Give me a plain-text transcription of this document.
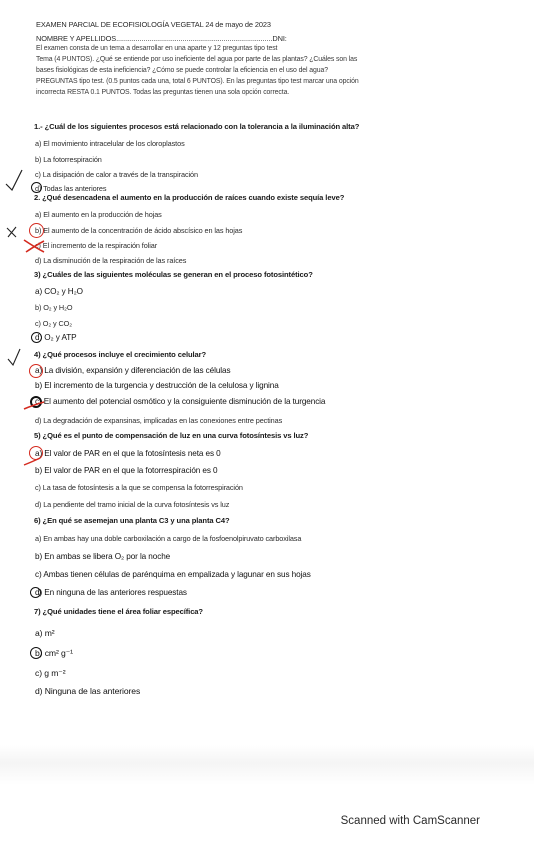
EXAMEN PARCIAL DE ECOFISIOLOGÍA VEGETAL 24 de mayo de 2023
NOMBRE Y APELLIDOS................................................................................DNI:
El examen consta de un tema a desarrollar en una aparte y 12 preguntas tipo test
Tema (4 PUNTOS). ¿Qué se entiende por uso ineficiente del agua por parte de las plantas? ¿Cuáles son las
bases fisiológicas de esta ineficiencia? ¿Cómo se puede controlar la eficiencia en el uso del agua?
PREGUNTAS tipo test. (0.5 puntos cada una, total 6 PUNTOS). En las preguntas tipo test marcar una opción
incorrecta RESTA 0.1 PUNTOS. Todas las preguntas tienen una sola opción correcta.
1.- ¿Cuál de los siguientes procesos está relacionado con la tolerancia a la iluminación alta?
a) El movimiento intracelular de los cloroplastos
b) La fotorrespiración
c) La disipación de calor a través de la transpiración
d) Todas las anteriores
2. ¿Qué desencadena el aumento en la producción de raíces cuando existe sequía leve?
a) El aumento en la producción de hojas
b) El aumento de la concentración de ácido abscísico en las hojas
c) El incremento de la respiración foliar
d) La disminución de la respiración de las raíces
3) ¿Cuáles de las siguientes moléculas se generan en el proceso fotosintético?
a) CO₂ y H₂O
b) O₂ y H₂O
c) O₂ y CO₂
d) O₂ y ATP
4) ¿Qué procesos incluye el crecimiento celular?
a) La división, expansión y diferenciación de las células
b) El incremento de la turgencia y destrucción de la celulosa y lignina
c) El aumento del potencial osmótico y la consiguiente disminución de la turgencia
d) La degradación de expansinas, implicadas en las conexiones entre pectinas
5) ¿Qué es el punto de compensación de luz en una curva fotosíntesis vs luz?
a) El valor de PAR en el que la fotosíntesis neta es 0
b) El valor de PAR en el que la fotorrespiración es 0
c) La tasa de fotosíntesis a la que se compensa la fotorrespiración
d) La pendiente del tramo inicial de la curva fotosíntesis vs luz
6) ¿En qué se asemejan una planta C3 y una planta C4?
a) En ambas hay una doble carboxilación a cargo de la fosfoenolpiruvato carboxilasa
b) En ambas se libera O₂ por la noche
c) Ambas tienen células de parénquima en empalizada y lagunar en sus hojas
d) En ninguna de las anteriores respuestas
7) ¿Qué unidades tiene el área foliar específica?
a) m²
b) cm² g⁻¹
c) g m⁻²
d) Ninguna de las anteriores
Scanned with CamScanner
